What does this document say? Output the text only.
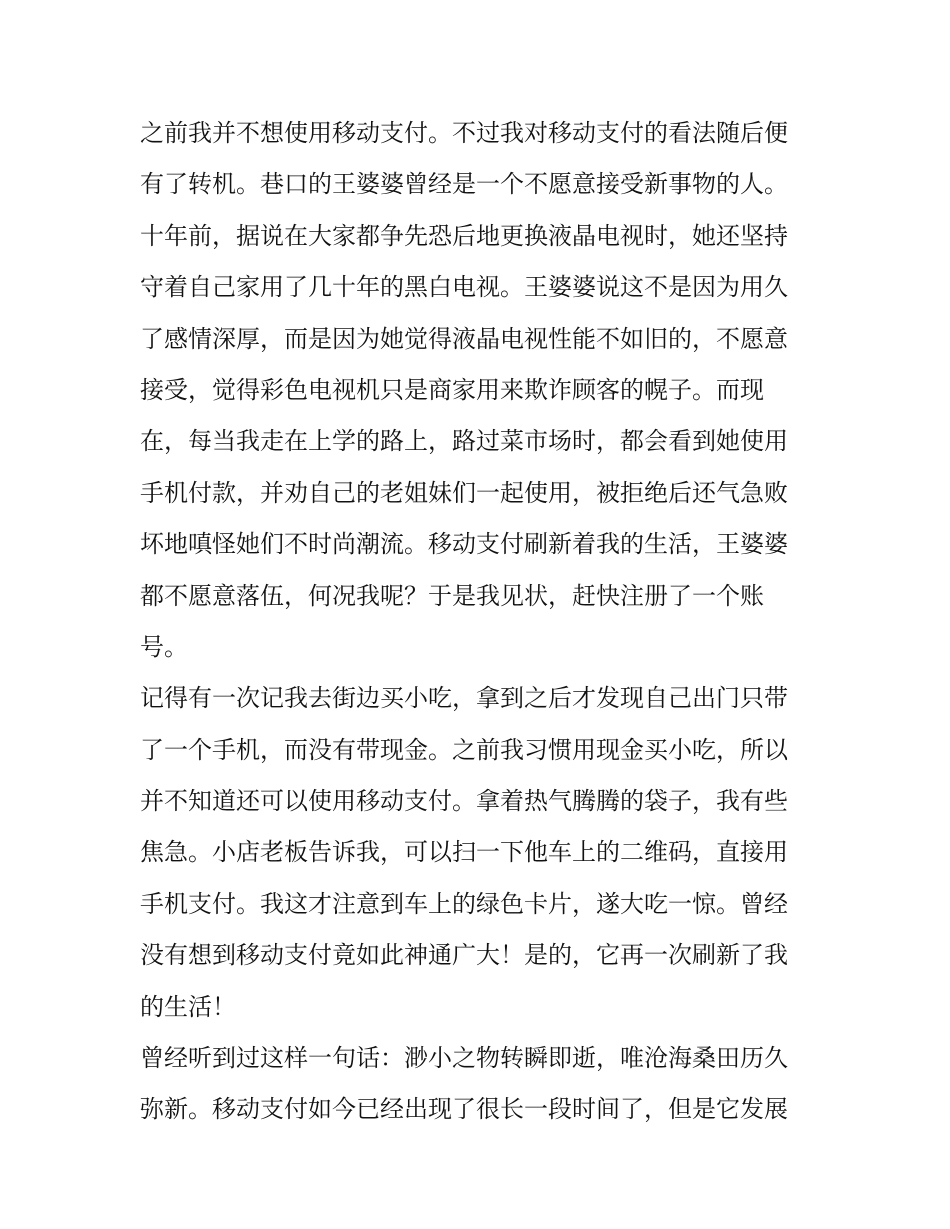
之前我并不想使用移动支付。不过我对移动支付的看法随后便
有了转机。巷口的王婆婆曾经是一个不愿意接受新事物的人。
十年前，据说在大家都争先恐后地更换液晶电视时，她还坚持
守着自己家用了几十年的黑白电视。王婆婆说这不是因为用久
了感情深厚，而是因为她觉得液晶电视性能不如旧的，不愿意
接受，觉得彩色电视机只是商家用来欺诈顾客的幌子。而现
在，每当我走在上学的路上，路过菜市场时，都会看到她使用
手机付款，并劝自己的老姐妹们一起使用，被拒绝后还气急败
坏地嗔怪她们不时尚潮流。移动支付刷新着我的生活，王婆婆
都不愿意落伍，何况我呢？于是我见状，赶快注册了一个账
号。
记得有一次记我去街边买小吃，拿到之后才发现自己出门只带
了一个手机，而没有带现金。之前我习惯用现金买小吃，所以
并不知道还可以使用移动支付。拿着热气腾腾的袋子，我有些
焦急。小店老板告诉我，可以扫一下他车上的二维码，直接用
手机支付。我这才注意到车上的绿色卡片，遂大吃一惊。曾经
没有想到移动支付竟如此神通广大！是的，它再一次刷新了我
的生活！
曾经听到过这样一句话：渺小之物转瞬即逝，唯沧海桑田历久
弥新。移动支付如今已经出现了很长一段时间了，但是它发展
